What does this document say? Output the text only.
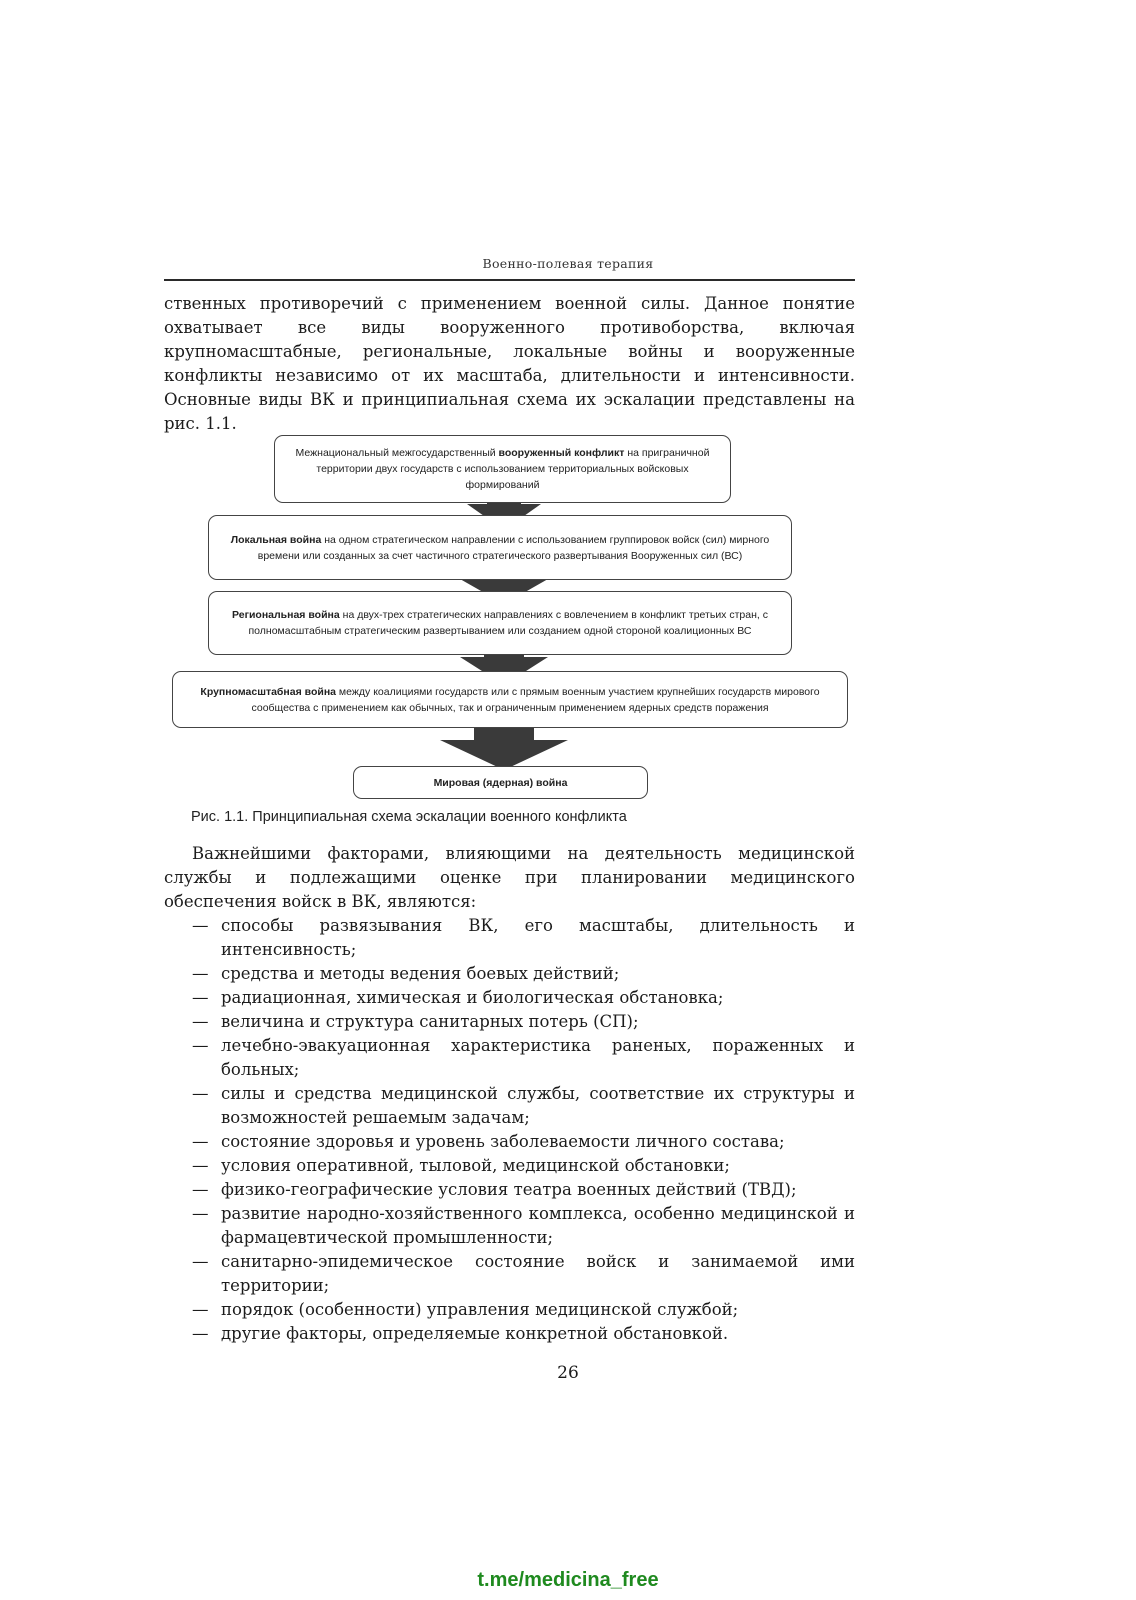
Военно-полевая терапия

ственных противоречий с применением военной силы. Данное понятие охватывает все виды вооруженного противоборства, включая крупномасштабные, региональные, локальные войны и вооруженные конфликты независимо от их масштаба, длительности и интенсивности. Основные виды ВК и принципиальная схема их эскалации представлены на рис. 1.1.

Межнациональный межгосударственный вооруженный конфликт на приграничной территории двух государств с использованием территориальных войсковых формирований
Локальная война на одном стратегическом направлении с использованием группировок войск (сил) мирного времени или созданных за счет частичного стратегического развертывания Вооруженных сил (ВС)
Региональная война на двух-трех стратегических направлениях с вовлечением в конфликт третьих стран, с полномасштабным стратегическим развертыванием или созданием одной стороной коалиционных ВС
Крупномасштабная война между коалициями государств или с прямым военным участием крупнейших государств мирового сообщества с применением как обычных, так и ограниченным применением ядерных средств поражения
Мировая (ядерная) война
Рис. 1.1. Принципиальная схема эскалации военного конфликта

Важнейшими факторами, влияющими на деятельность медицинской службы и подлежащими оценке при планировании медицинского обеспечения войск в ВК, являются:

— способы развязывания ВК, его масштабы, длительность и интенсивность;
— средства и методы ведения боевых действий;
— радиационная, химическая и биологическая обстановка;
— величина и структура санитарных потерь (СП);
— лечебно-эвакуационная характеристика раненых, пораженных и больных;
— силы и средства медицинской службы, соответствие их структуры и возможностей решаемым задачам;
— состояние здоровья и уровень заболеваемости личного состава;
— условия оперативной, тыловой, медицинской обстановки;
— физико-географические условия театра военных действий (ТВД);
— развитие народно-хозяйственного комплекса, особенно медицинской и фармацевтической промышленности;
— санитарно-эпидемическое состояние войск и занимаемой ими территории;
— порядок (особенности) управления медицинской службой;
— другие факторы, определяемые конкретной обстановкой.
26
t.me/medicina_free
